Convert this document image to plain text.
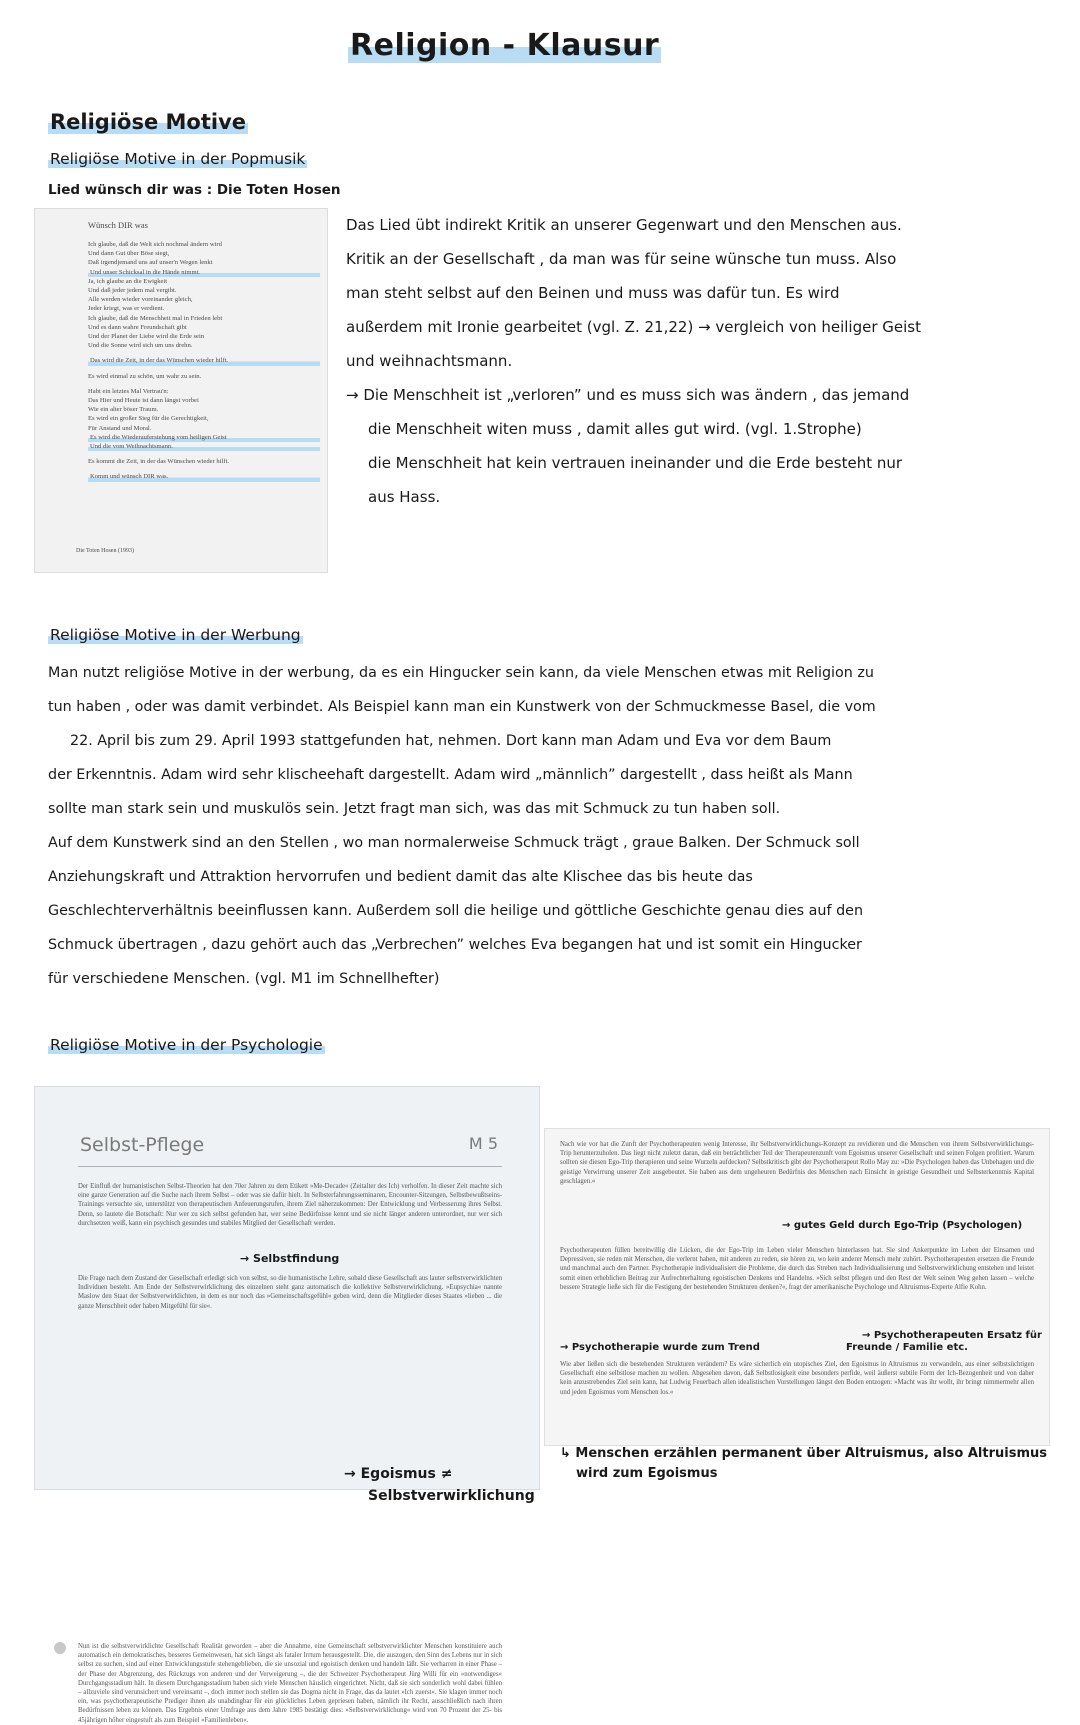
Religion - Klausur
Religiöse Motive
Religiöse Motive in der Popmusik
Lied wünsch dir was : Die Toten Hosen
Wünsch DIR was
Ich glaube, daß die Welt sich nochmal ändern wird
Und dann Gut über Böse siegt,
Daß irgendjemand uns auf unser'n Wegen lenkt
Und unser Schicksal in die Hände nimmt.
Ja, ich glaube an die Ewigkeit
Und daß jeder jedem mal vergibt.
Alle werden wieder voreinander gleich,
Jeder kriegt, was er verdient.
Ich glaube, daß die Menschheit mal in Frieden lebt
Und es dann wahre Freundschaft gibt
Und der Planet der Liebe wird die Erde sein
Und die Sonne wird sich um uns drehn.
Das wird die Zeit, in der das Wünschen wieder hilft.
Es wird einmal zu schön, um wahr zu sein.
Habt ein letztes Mal Vertrau'n:
Das Hier und Heute ist dann längst vorbei
Wie ein alter böser Traum.
Es wird ein großer Sieg für die Gerechtigkeit,
Für Anstand und Moral.
Es wird die Wiederauferstehung vom heiligen Geist
Und die vom Weihnachtsmann.
Es kommt die Zeit, in der das Wünschen wieder hilft.
Komm und wünsch DIR was.
Die Toten Hosen (1993)
Das Lied übt indirekt Kritik an unserer Gegenwart und den Menschen aus.
Kritik an der Gesellschaft , da man was für seine wünsche tun muss. Also
man steht selbst auf den Beinen und muss was dafür tun. Es wird
außerdem mit Ironie gearbeitet (vgl. Z. 21,22) → vergleich von heiliger Geist
und weihnachtsmann.
→ Die Menschheit ist „verloren” und es muss sich was ändern , das jemand
die Menschheit witen muss , damit alles gut wird. (vgl. 1.Strophe)
die Menschheit hat kein vertrauen ineinander und die Erde besteht nur
aus Hass.
Religiöse Motive in der Werbung
Man nutzt religiöse Motive in der werbung, da es ein Hingucker sein kann, da viele Menschen etwas mit Religion zu
tun haben , oder was damit verbindet. Als Beispiel kann man ein Kunstwerk von der Schmuckmesse Basel, die vom
22. April bis zum 29. April 1993 stattgefunden hat, nehmen. Dort kann man Adam und Eva vor dem Baum
der Erkenntnis. Adam wird sehr klischeehaft dargestellt. Adam wird „männlich” dargestellt , dass heißt als Mann
sollte man stark sein und muskulös sein. Jetzt fragt man sich, was das mit Schmuck zu tun haben soll.
Auf dem Kunstwerk sind an den Stellen , wo man normalerweise Schmuck trägt , graue Balken. Der Schmuck soll
Anziehungskraft und Attraktion hervorrufen und bedient damit das alte Klischee das bis heute das
Geschlechterverhältnis beeinflussen kann. Außerdem soll die heilige und göttliche Geschichte genau dies auf den
Schmuck übertragen , dazu gehört auch das „Verbrechen” welches Eva begangen hat und ist somit ein Hingucker
für verschiedene Menschen. (vgl. M1 im Schnellhefter)
Religiöse Motive in der Psychologie
Selbst-Pflege	M 5
Der Einfluß der humanistischen Selbst-Theorien hat den 70er Jahren zu dem Etikett »Me-Decade« (Zeitalter des Ich) verholfen. In dieser Zeit machte sich eine ganze Generation auf die Suche nach ihrem Selbst – oder was sie dafür hielt. In Selbsterfahrungsseminaren, Encounter-Sitzungen, Selbstbewußtseins-Trainings versuchte sie, unterstützt von therapeutischen Anfeuerungsrufen, ihrem Ziel näherzukommen: Der Entwicklung und Verbesserung ihres Selbst. Denn, so lautete die Botschaft: Nur wer zu sich selbst gefunden hat, wer seine Bedürfnisse kennt und sie nicht länger anderen unterordnet, nur wer sich durchsetzen weiß, kann ein psychisch gesundes und stabiles Mitglied der Gesellschaft werden.
→ Selbstfindung
Die Frage nach dem Zustand der Gesellschaft erledigt sich von selbst, so die humanistische Lehre, sobald diese Gesellschaft aus lauter selbstverwirklichten Individuen besteht. Am Ende der Selbstverwirklichung des einzelnen steht ganz automatisch die kollektive Selbstverwirklichung. »Eupsychia« nannte Maslow den Staat der Selbstverwirklichten, in dem es nur noch das »Gemeinschaftsgefühl« geben wird, denn die Mitglieder dieses Staates »lieben ... die ganze Menschheit oder haben Mitgefühl für sie«.
Nun ist die selbstverwirklichte Gesellschaft Realität geworden – aber die Annahme, eine Gemeinschaft selbstverwirklichter Menschen konstituiere auch automatisch ein demokratisches, besseres Gemeinwesen, hat sich längst als fataler Irrtum herausgestellt. Die, die auszogen, den Sinn des Lebens nur in sich selbst zu suchen, sind auf einer Entwicklungsstufe stehengeblieben, die sie unsozial und egoistisch denken und handeln läßt. Sie verharren in einer Phase – der Phase der Abgrenzung, des Rückzugs von anderen und der Verweigerung –, die der Schweizer Psychotherapeut Jürg Willi für ein »notwendiges« Durchgangsstadium hält. In diesem Durchgangsstadium haben sich viele Menschen häuslich eingerichtet. Nicht, daß sie sich sonderlich wohl dabei fühlen – allzuviele sind verunsichert und vereinsamt –, doch immer noch stellen sie das Dogma nicht in Frage, das da lautet »Ich zuerst«. Sie klagen immer noch ein, was psychotherapeutische Prediger ihnen als unabdingbar für ein glückliches Leben gepriesen haben, nämlich ihr Recht, ausschließlich nach ihren Bedürfnissen leben zu können. Das Ergebnis einer Umfrage aus dem Jahre 1985 bestätigt dies: »Selbstverwirklichung« wird von 70 Prozent der 25- bis 45jährigen höher eingestuft als zum Beispiel »Familienleben«.
→ Egoismus ≠
Selbstverwirklichung
Nach wie vor hat die Zunft der Psychotherapeuten wenig Interesse, ihr Selbstverwirklichungs-Konzept zu revidieren und die Menschen von ihrem Selbstverwirklichungs-Trip herunterzuholen. Das liegt nicht zuletzt daran, daß ein beträchtlicher Teil der Therapeutenzunft vom Egoismus unserer Gesellschaft und seinen Folgen profitiert. Warum sollten sie diesen Ego-Trip therapieren und seine Wurzeln aufdecken? Selbstkritisch gibt der Psychotherapeut Rollo May zu: »Die Psychologen haben das Unbehagen und die geistige Verwirrung unserer Zeit ausgebeutet. Sie haben aus dem ungeheuren Bedürfnis des Menschen nach Einsicht in geistige Gesundheit und Selbsterkenntnis Kapital geschlagen.«
→ gutes Geld durch Ego-Trip (Psychologen)
Psychotherapeuten füllen bereitwillig die Lücken, die der Ego-Trip im Leben vieler Menschen hinterlassen hat. Sie sind Ankerpunkte im Leben der Einsamen und Depressiven, sie reden mit Menschen, die verlernt haben, mit anderen zu reden, sie hören zu, wo kein anderer Mensch mehr zuhört. Psychotherapeuten ersetzen die Freunde und manchmal auch den Partner. Psychotherapie individualisiert die Probleme, die durch das Streben nach Individualisierung und Selbstverwirklichung entstehen und leistet somit einen erheblichen Beitrag zur Aufrechterhaltung egoistischen Denkens und Handelns. »Sich selbst pflegen und den Rest der Welt seinen Weg gehen lassen – welche bessere Strategie ließe sich für die Festigung der bestehenden Strukturen denken?«, fragt der amerikanische Psychologe und Altruismus-Experte Alfie Kohn.
→ Psychotherapeuten Ersatz für
→ Psychotherapie wurde zum Trend	Freunde / Familie etc.
Wie aber ließen sich die bestehenden Strukturen verändern? Es wäre sicherlich ein utopisches Ziel, den Egoismus in Altruismus zu verwandeln, aus einer selbstsüchtigen Gesellschaft eine selbstlose machen zu wollen. Abgesehen davon, daß Selbstlosigkeit eine besonders perfide, weil äußerst subtile Form der Ich-Bezogenheit und von daher kein anzustrebendes Ziel sein kann, hat Ludwig Feuerbach allen idealistischen Vorstellungen längst den Boden entzogen: »Macht was ihr wollt, ihr bringt nimmermehr allen und jeden Egoismus vom Menschen los.«
↳ Menschen erzählen permanent über Altruismus, also Altruismus
wird zum Egoismus
